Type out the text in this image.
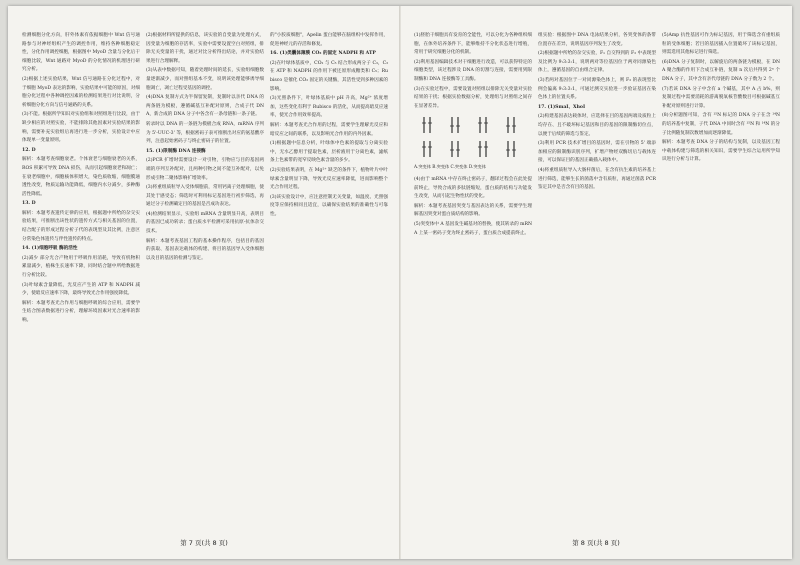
检测细胞分化方向，肝外体素有依据细胞中 Wnt 信号通路参与对神经组织产生的调控作用，维持各种细胞稳定性，分化作用调控细胞，根据图中 MyoD 含量与分化后干细胞比较，Wnt 通路对 MyoD 的分化情况的机理进行研究分析。

(2)根据上述实验结果，Wnt 信号通路在分化过程中，对于细胞 MyoD 表达的影响，实验结果中可能的原因，对细胞分化过程中各种调控因素的检测结果进行对比说明，分析细胞分化方向与信号通路的关系。

(3)不能。根据所学知识对实验组和对照组进行比较，由于缺少相应的对照实验，不能排除其他因素对实验结果的影响，需要补充实验组后再进行进一步分析，实验设计中应体现单一变量原则。

12. D

解析：本题考查细胞衰老。个体衰老与细胞衰老的关系，ROS 积累可导致 DNA 损伤，从而引起细胞衰老和凋亡；在衰老细胞中，细胞核体积增大，染色质收缩，细胞膜通透性改变，物质运输功能降低，细胞内水分减少，多种酶活性降低。

13. D

解析：本题考查遗传定律的应用，根据题中所给的杂交实验结果，可推断出该性状的遗传方式与相关基因的位置，结合配子的形成过程分析子代的表现型及其比例，注意区分常染色体遗传与伴性遗传的特点。

14. (1)细胞呼吸 酶的活性

(2)减少 部分光合产物用于呼吸作用消耗，导致有机物积累量减少，植株生长速率下降，同时结合题中所给数据进行分析比较。

(3)叶绿素含量降低，光反应产生的 ATP 和 NADPH 减少，使暗反应速率下降，最终导致光合作用强度降低。

解析：本题考查光合作用与细胞呼吸的综合应用，需要学生结合图表数据进行分析，理解环境因素对光合速率的影响。

(2)根据材料所提供的信息，该实验的自变量为处理方式，因变量为细胞的存活率，实验中需要设置空白对照组，排除无关变量的干扰，通过对比分析得出结论，并对实验结果进行合理解释。

(3)从表中数据可知，随着处理时间的延长，实验组细胞数量逐渐减少，而对照组基本不变，说明该处理能够诱导细胞凋亡，凋亡过程受基因的调控。

(4)DNA 复制方式为半保留复制，复制时以亲代 DNA 的两条链为模板，遵循碱基互补配对原则，合成子代 DNA，新合成的 DNA 分子中各含有一条母链和一条子链。

转录时以 DNA 的一条链为模板合成 RNA，mRNA 序列为 5'-UUC-3' 等，根据密码子表可推断出对应的氨基酸序列，注意起始密码子与终止密码子的位置。

15. (1)限制酶 DNA 连接酶

(2)PCR 扩增时需要设计一对引物，引物应与目的基因两端的序列互补配对，且两种引物之间不能互补配对，以免形成引物二聚体影响扩增效率。

(3)将重组质粒导入受体细胞前，常用钙离子处理细胞，使其处于感受态；筛选时可利用标记基因进行初步筛选，再通过分子检测确定目的基因是否成功表达。

(4)检测结果显示，实验组 mRNA 含量明显升高，表明目的基因已成功转录；蛋白质水平检测可采用抗原-抗体杂交技术。

解析：本题考查基因工程的基本操作程序，包括目的基因的获取、基因表达载体的构建、将目的基因导入受体细胞以及目的基因的检测与鉴定。

的"小胶质细胞"，Apelin 蛋白能够在脑组织中发挥作用，促进神经元的存活和修复。

16. (1)类囊体薄膜 CO₂ 的固定 NADPH 和 ATP

(2)在叶绿体基质中，CO₂ 与 C₅ 结合形成两分子 C₃，C₃ 在 ATP 和 NADPH 的作用下被还原形成糖类和 C₅；Rubisco 是催化 CO₂ 固定的关键酶，其活性受到多种因素的影响。

(3)光照条件下，叶绿体基质中 pH 升高，Mg²⁺ 浓度增加，这些变化有利于 Rubisco 的活化，从而提高暗反应速率，使光合作用效率提高。

解析：本题考查光合作用的过程，需要学生理解光反应和暗反应之间的联系，以及影响光合作用的内外因素。

(1)根据题中信息分析，叶绿体中色素的提取与分离实验中，无水乙醇用于提取色素，层析液用于分离色素，滤纸条上色素带的宽窄反映色素含量的多少。

(2)实验结果表明，在 Mg²⁺ 缺乏的条件下，植物叶片中叶绿素含量明显下降，导致光反应速率降低，进而影响整个光合作用过程。

(3)该实验设计中，应注意控制无关变量，如温度、光照强度等应保持相同且适宜，以确保实验结果的准确性与可靠性。

第 7 页(共 8 页)

(1)胚胎干细胞具有发育的全能性，可以分化为各种组织细胞，在体外培养条件下，能够维持不分化状态进行增殖，常用于研究细胞分化的机制。

(2)利用基因编辑技术对干细胞进行改造，可以获得特定的细胞类型，该过程涉及 DNA 的切割与连接，需要用到限制酶和 DNA 连接酶等工具酶。

(3)在实验过程中，需要设置对照组以排除无关变量对实验结果的干扰；根据实验数据分析，处理组与对照组之间存在显著差异。

A.突变体 B.突变体 C.突变体 D.突变体

(4)由于 mRNA 中存在终止密码子，翻译过程会在此处提前终止，导致合成的多肽链缩短，蛋白质的结构与功能发生改变，从而引起生物性状的变化。

解析：本题考查基因突变与基因表达的关系，需要学生理解基因突变对蛋白质结构的影响。

(5)突变体中 A 基因发生碱基对的替换，使其转录的 mRNA 上某一密码子变为终止密码子，蛋白质合成提前终止。

组实验：根据图中 DNA 电泳结果分析，各突变体的条带位置存在差异，说明基因序列发生了改变。

(2)根据题中所给的杂交实验，F₁ 自交得到的 F₂ 中表现型及比例为 9:3:3:1，说明两对等位基因位于两对同源染色体上，遵循基因的自由组合定律。

(3)若两对基因位于一对同源染色体上，则 F₂ 的表现型比例会偏离 9:3:3:1，可通过测交实验进一步验证基因在染色体上的位置关系。

17. (1)SmaⅠ、XhoⅠ

(2)构建基因表达载体时，应选择在目的基因两端及质粒上均存在、且不破坏标记基因和目的基因的限制酶切位点，以便于后续的筛选与鉴定。

(3)利用 PCR 技术扩增目的基因时，需在引物的 5' 端添加相应的限制酶识别序列，扩增产物经双酶切后与载体连接，可以保证目的基因正确插入载体中。

(4)将重组质粒导入大肠杆菌后，在含有抗生素的培养基上进行筛选，能够生长的菌落中含有质粒，再通过菌落 PCR 鉴定其中是否含有目的基因。

(5)Amp 抗性基因可作为标记基因，用于筛选含有重组质粒的受体细胞；若目的基因插入位置破坏了该标记基因，则需选用其他标记进行筛选。

(6)DNA 分子复制时，以解旋后的两条链为模板，在 DNA 聚合酶的作用下合成互补链，复制 n 次后共得到 2ⁿ 个 DNA 分子，其中含有亲代母链的 DNA 分子数为 2 个。

(7)若该 DNA 分子中含有 a 个碱基，其中 A 占 b%，则复制过程中需要消耗的游离脱氧核苷酸数目可根据碱基互补配对原则进行计算。

(8)分析题图可知，含有 ¹⁵N 标记的 DNA 分子在含 ¹⁴N 的培养基中复制，子代 DNA 中同时含有 ¹⁵N 和 ¹⁴N 的分子比例随复制次数增加而逐渐降低。

解析：本题考查 DNA 分子的结构与复制，以及基因工程中载体构建与筛选的相关知识，需要学生综合运用所学知识进行分析与计算。

第 8 页(共 8 页)
